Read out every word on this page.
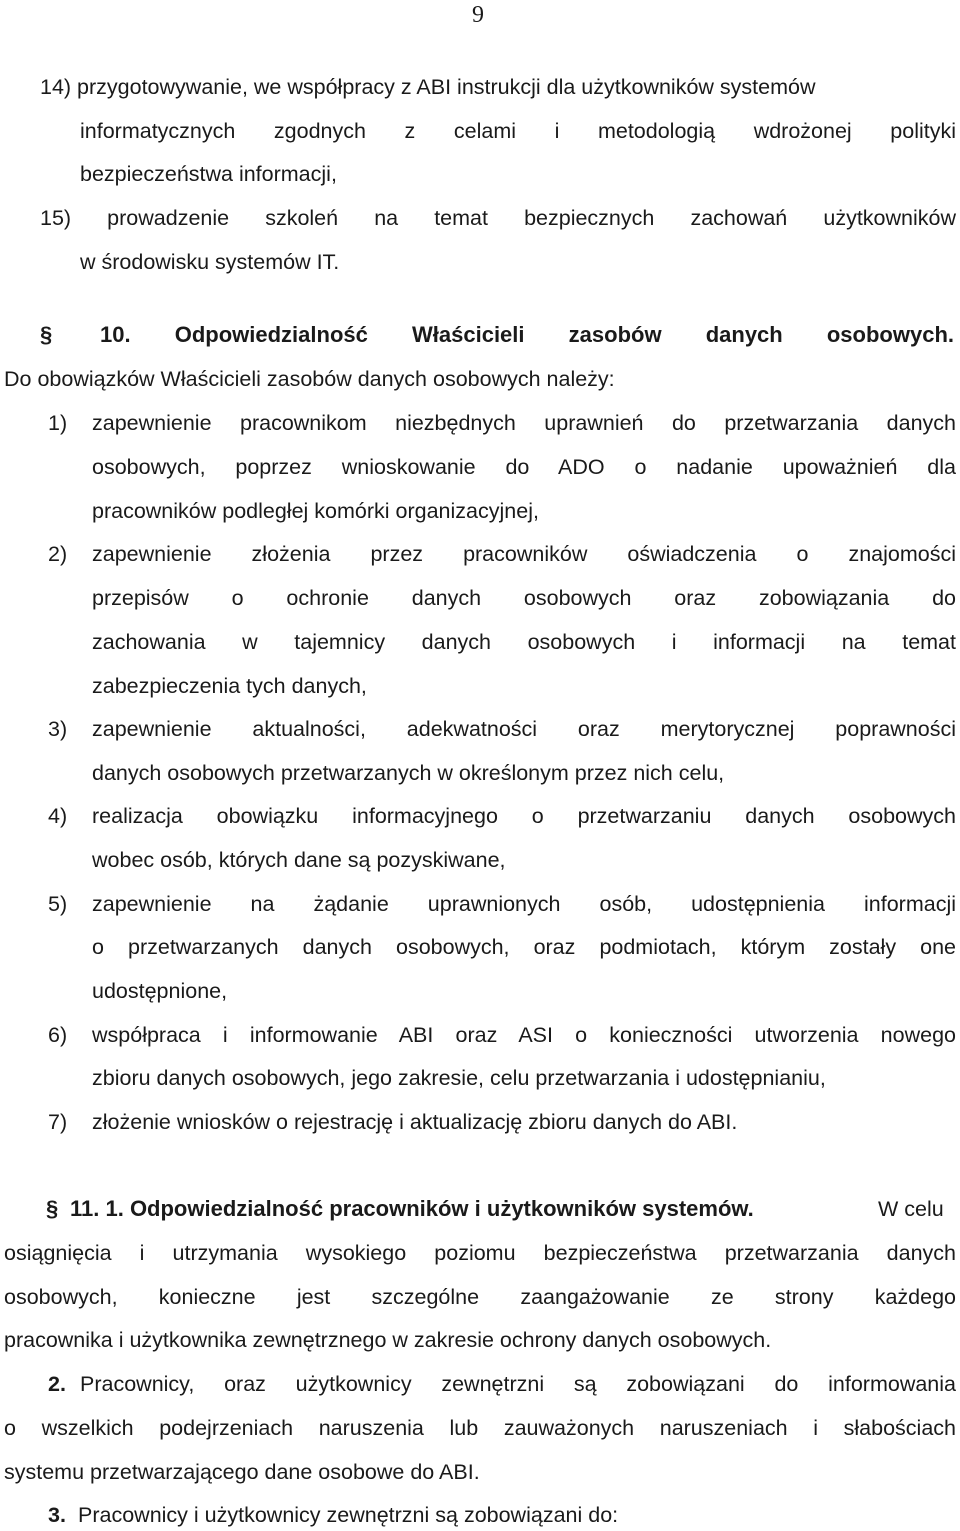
9
14) przygotowywanie, we współpracy z ABI instrukcji dla użytkowników systemów
informatycznych zgodnych z celami i metodologią wdrożonej polityki
bezpieczeństwa informacji,
15) prowadzenie szkoleń na temat bezpiecznych zachowań użytkowników
w środowisku systemów IT.
§ 10. Odpowiedzialność Właścicieli zasobów danych osobowych.
Do obowiązków Właścicieli zasobów danych osobowych należy:
1) zapewnienie pracownikom niezbędnych uprawnień do przetwarzania danych
osobowych, poprzez wnioskowanie do ADO o nadanie upoważnień dla
pracowników podległej komórki organizacyjnej,
2) zapewnienie złożenia przez pracowników oświadczenia o znajomości
przepisów o ochronie danych osobowych oraz zobowiązania do
zachowania w tajemnicy danych osobowych i informacji na temat
zabezpieczenia tych danych,
3) zapewnienie aktualności, adekwatności oraz merytorycznej poprawności
danych osobowych przetwarzanych w określonym przez nich celu,
4) realizacja obowiązku informacyjnego o przetwarzaniu danych osobowych
wobec osób, których dane są pozyskiwane,
5) zapewnienie na żądanie uprawnionych osób, udostępnienia informacji
o przetwarzanych danych osobowych, oraz podmiotach, którym zostały one
udostępnione,
6) współpraca i informowanie ABI oraz ASI o konieczności utworzenia nowego
zbioru danych osobowych, jego zakresie, celu przetwarzania i udostępnianiu,
7) złożenie wniosków o rejestrację i aktualizację zbioru danych do ABI.
§ 11. 1. Odpowiedzialność pracowników i użytkowników systemów.	W celu
osiągnięcia i utrzymania wysokiego poziomu bezpieczeństwa przetwarzania danych
osobowych, konieczne jest szczególne zaangażowanie ze strony każdego
pracownika i użytkownika zewnętrznego w zakresie ochrony danych osobowych.
2. Pracownicy, oraz użytkownicy zewnętrzni są zobowiązani do informowania
o wszelkich podejrzeniach naruszenia lub zauważonych naruszeniach i słabościach
systemu przetwarzającego dane osobowe do ABI.
3. Pracownicy i użytkownicy zewnętrzni są zobowiązani do:
